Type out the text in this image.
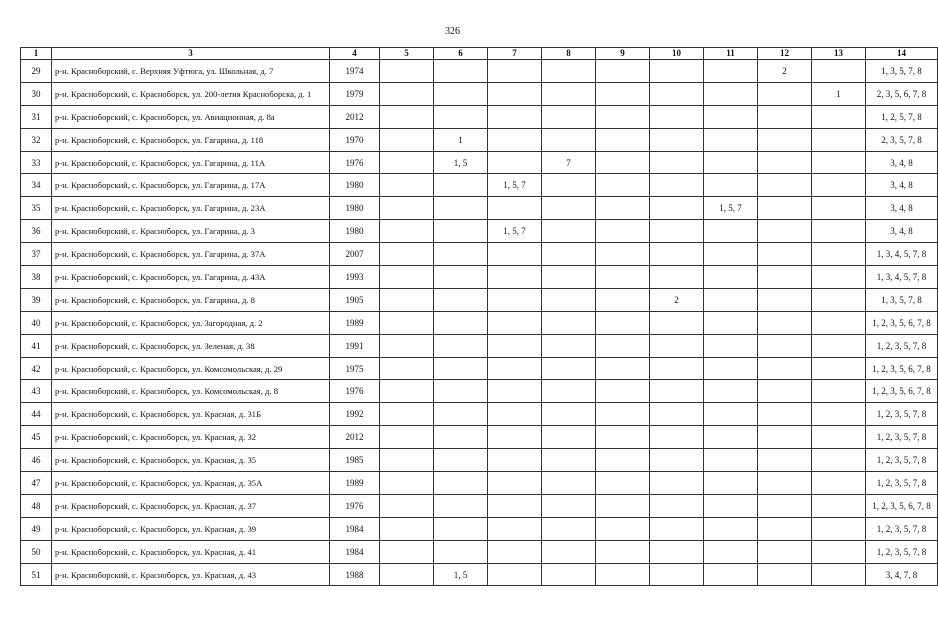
326
1	3	4	5	6	7	8	9	10	11	12	13	14
29	р-н. Красноборский, с. Верхняя Уфтюга, ул. Школьная, д. 7	1974								2		1, 3, 5, 7, 8
30	р-н. Красноборский, с. Красноборск, ул. 200-летия Красноборска, д. 1	1979									1	2, 3, 5, 6, 7, 8
31	р-н. Красноборский, с. Красноборск, ул. Авиационная, д. 8а	2012										1, 2, 5, 7, 8
32	р-н. Красноборский, с. Красноборск, ул. Гагарина, д. 118	1970		1								2, 3, 5, 7, 8
33	р-н. Красноборский, с. Красноборск, ул. Гагарина, д. 11А	1976		1, 5		7						3, 4, 8
34	р-н. Красноборский, с. Красноборск, ул. Гагарина, д. 17А	1980			1, 5, 7							3, 4, 8
35	р-н. Красноборский, с. Красноборск, ул. Гагарина, д. 23А	1980							1, 5, 7			3, 4, 8
36	р-н. Красноборский, с. Красноборск, ул. Гагарина, д. 3	1980			1, 5, 7							3, 4, 8
37	р-н. Красноборский, с. Красноборск, ул. Гагарина, д. 37А	2007										1, 3, 4, 5, 7, 8
38	р-н. Красноборский, с. Красноборск, ул. Гагарина, д. 43А	1993										1, 3, 4, 5, 7, 8
39	р-н. Красноборский, с. Красноборск, ул. Гагарина, д. 8	1905						2				1, 3, 5, 7, 8
40	р-н. Красноборский, с. Красноборск, ул. Загородная, д. 2	1989										1, 2, 3, 5, 6, 7, 8
41	р-н. Красноборский, с. Красноборск, ул. Зеленая, д. 38	1991										1, 2, 3, 5, 7, 8
42	р-н. Красноборский, с. Красноборск, ул. Комсомольская, д. 29	1975										1, 2, 3, 5, 6, 7, 8
43	р-н. Красноборский, с. Красноборск, ул. Комсомольская, д. 8	1976										1, 2, 3, 5, 6, 7, 8
44	р-н. Красноборский, с. Красноборск, ул. Красная, д. 31Б	1992										1, 2, 3, 5, 7, 8
45	р-н. Красноборский, с. Красноборск, ул. Красная, д. 32	2012										1, 2, 3, 5, 7, 8
46	р-н. Красноборский, с. Красноборск, ул. Красная, д. 35	1985										1, 2, 3, 5, 7, 8
47	р-н. Красноборский, с. Красноборск, ул. Красная, д. 35А	1989										1, 2, 3, 5, 7, 8
48	р-н. Красноборский, с. Красноборск, ул. Красная, д. 37	1976										1, 2, 3, 5, 6, 7, 8
49	р-н. Красноборский, с. Красноборск, ул. Красная, д. 39	1984										1, 2, 3, 5, 7, 8
50	р-н. Красноборский, с. Красноборск, ул. Красная, д. 41	1984										1, 2, 3, 5, 7, 8
51	р-н. Красноборский, с. Красноборск, ул. Красная, д. 43	1988		1, 5								3, 4, 7, 8
